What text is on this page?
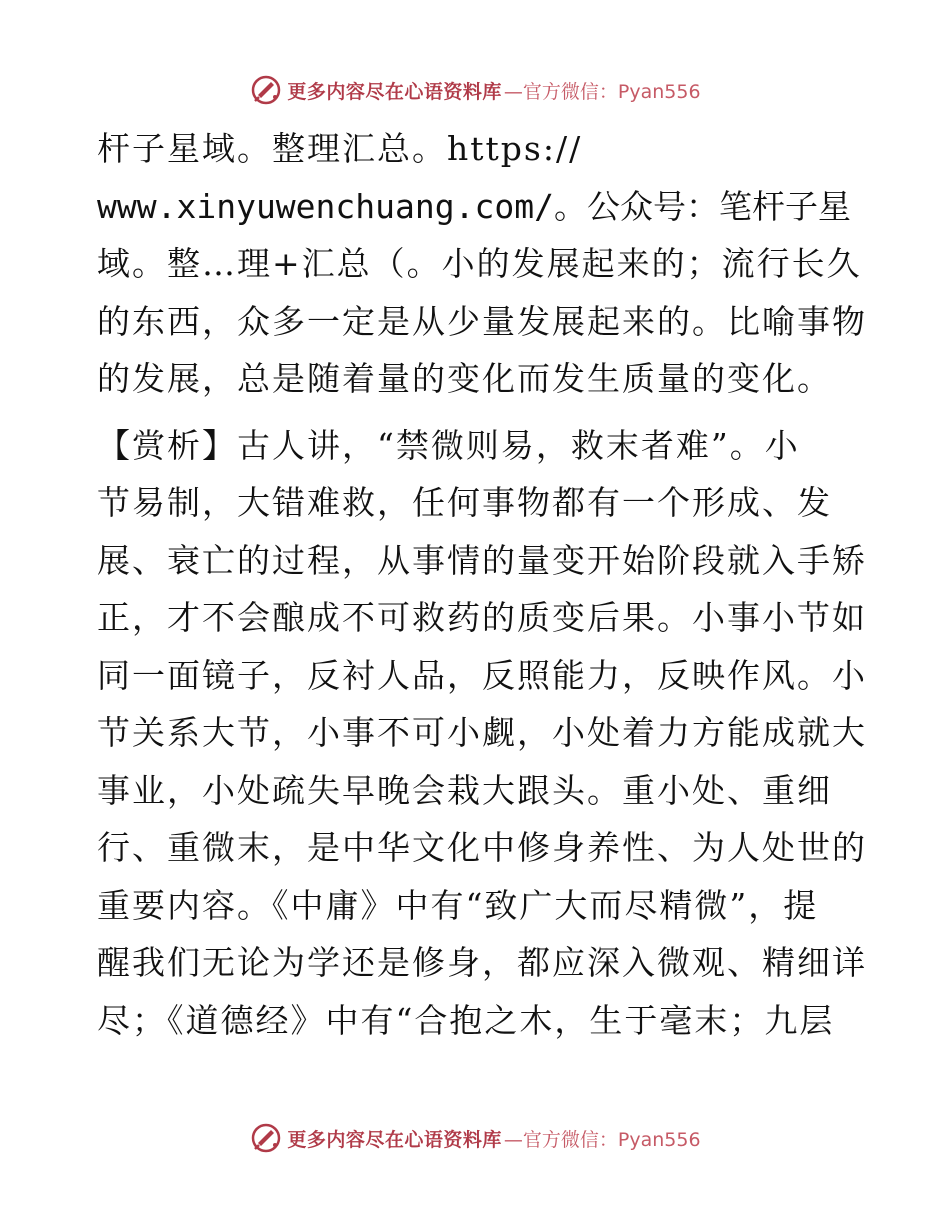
更多内容尽在心语资料库 —官方微信：Pyan556
杆子星域。整理汇总。https://
www.xinyuwenchuang.com/。公众号：笔杆子星
域。整…理+汇总（。小的发展起来的；流行长久
的东西，众多一定是从少量发展起来的。比喻事物
的发展，总是随着量的变化而发生质量的变化。
【赏析】古人讲，“禁微则易，救末者难”。小
节易制，大错难救，任何事物都有一个形成、发
展、衰亡的过程，从事情的量变开始阶段就入手矫
正，才不会酿成不可救药的质变后果。小事小节如
同一面镜子，反衬人品，反照能力，反映作风。小
节关系大节，小事不可小觑，小处着力方能成就大
事业，小处疏失早晚会栽大跟头。重小处、重细
行、重微末，是中华文化中修身养性、为人处世的
重要内容。《中庸》中有“致广大而尽精微”，提
醒我们无论为学还是修身，都应深入微观、精细详
尽；《道德经》中有“合抱之木，生于毫末；九层
更多内容尽在心语资料库 —官方微信：Pyan556
